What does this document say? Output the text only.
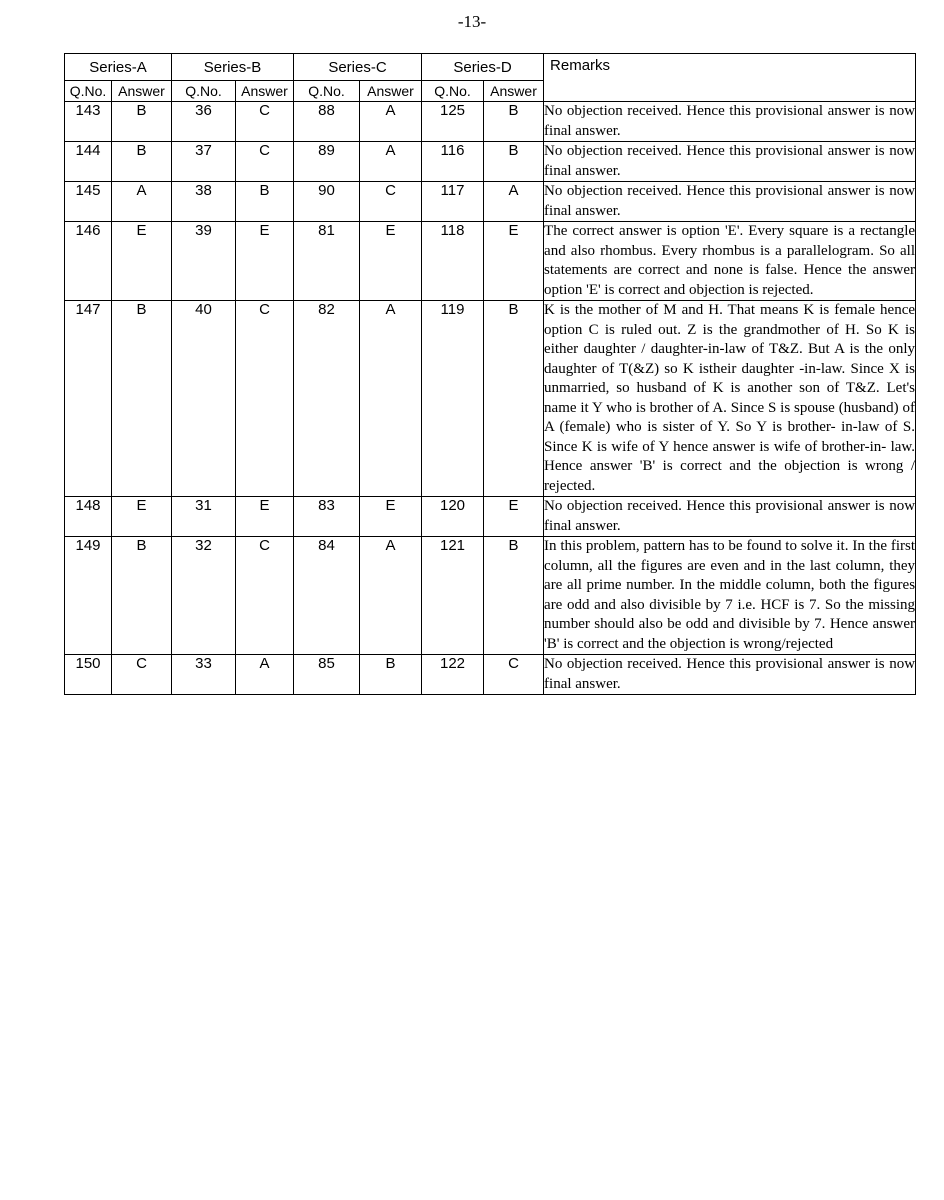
-13-
Series-A		Series-B		Series-C		Series-D		Remarks
Q.No.	Answer	Q.No.	Answer	Q.No.	Answer	Q.No.	Answer	
143	B	36	C	88	A	125	B	No objection received. Hence this provisional answer is now final answer.
144	B	37	C	89	A	116	B	No objection received. Hence this provisional answer is now final answer.
145	A	38	B	90	C	117	A	No objection received. Hence this provisional answer is now final answer.
146	E	39	E	81	E	118	E	The correct answer is option 'E'. Every square is a rectangle and also rhombus. Every rhombus is a parallelogram. So all statements are correct and none is false. Hence the answer option 'E' is correct and objection is rejected.
147	B	40	C	82	A	119	B	K is the mother of M and H. That means K is female hence option C is ruled out. Z is the grandmother of H. So K is either daughter / daughter-in-law of T&Z. But A is the only daughter of T(&Z) so K istheir daughter -in-law. Since X is unmarried, so husband of K is another son of T&Z. Let's name it Y who is brother of A. Since S is spouse (husband) of A (female) who is sister of Y. So Y is brother- in-law of S. Since K is wife of Y hence answer is wife of brother-in- law. Hence answer 'B' is correct and the objection is wrong / rejected.
148	E	31	E	83	E	120	E	No objection received. Hence this provisional answer is now final answer.
149	B	32	C	84	A	121	B	In this problem, pattern has to be found to solve it. In the first column, all the figures are even and in the last column, they are all prime number. In the middle column, both the figures are odd and also divisible by 7 i.e. HCF is 7. So the missing number should also be odd and divisible by 7. Hence answer 'B' is correct and the objection is wrong/rejected
150	C	33	A	85	B	122	C	No objection received. Hence this provisional answer is now final answer.
